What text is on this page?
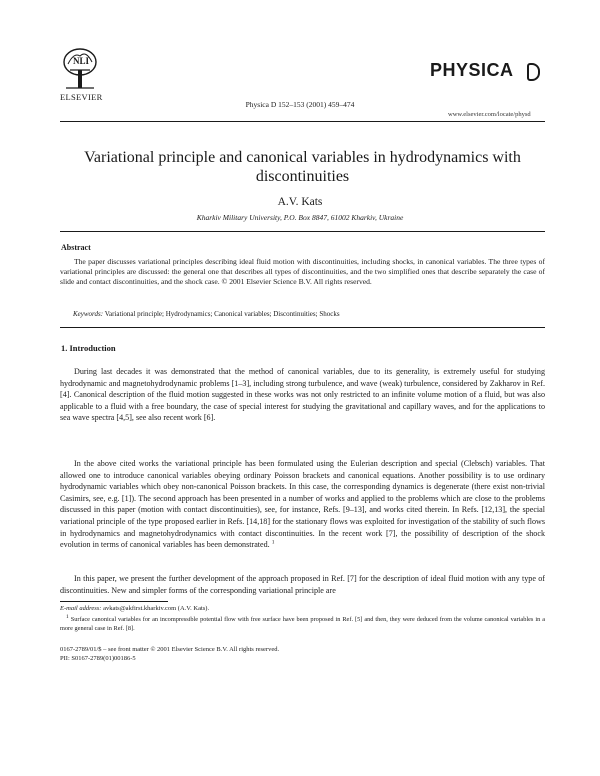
NLI
ELSEVIER
Physica D 152–153 (2001) 459–474
PHYSICA
www.elsevier.com/locate/physd
Variational principle and canonical variables in hydrodynamics with discontinuities
A.V. Kats
Kharkiv Military University, P.O. Box 8847, 61002 Kharkiv, Ukraine
Abstract
The paper discusses variational principles describing ideal fluid motion with discontinuities, including shocks, in canonical variables. The three types of variational principles are discussed: the general one that describes all types of discontinuities, and the two simplified ones that describe separately the case of slide and contact discontinuities, and the shock case. © 2001 Elsevier Science B.V. All rights reserved.
Keywords: Variational principle; Hydrodynamics; Canonical variables; Discontinuities; Shocks
1. Introduction

During last decades it was demonstrated that the method of canonical variables, due to its generality, is extremely useful for studying hydrodynamic and magnetohydrodynamic problems [1–3], including strong turbulence, and wave (weak) turbulence, considered by Zakharov in Ref. [4]. Canonical description of the fluid motion suggested in these works was not only restricted to an infinite volume motion of a fluid, but was also applicable to a fluid with a free boundary, the case of special interest for studying the gravitational and capillary waves, and for the applications to sea wave spectra [4,5], see also recent work [6].

In the above cited works the variational principle has been formulated using the Eulerian description and special (Clebsch) variables. That allowed one to introduce canonical variables obeying ordinary Poisson brackets and canonical equations. Another possibility is to use ordinary hydrodynamic variables which obey non-canonical Poisson brackets. In this case, the corresponding dynamics is degenerate (there exist non-trivial Casimirs, see, e.g. [1]). The second approach has been presented in a number of works and applied to the problems which are close to the problems discussed in this paper (motion with contact discontinuities), see, for instance, Refs. [9–13], and works cited therein. In Refs. [12,13], the special variational principle of the type proposed earlier in Refs. [14,18] for the stationary flows was exploited for investigation of the stability of such flows in hydrodynamics and magnetohydrodynamics with contact discontinuities. In the recent work [7], the possibility of description of the shock evolution in terms of canonical variables has been demonstrated. $^1$

In this paper, we present the further development of the approach proposed in Ref. [7] for the description of ideal fluid motion with any type of discontinuities. New and simpler forms of the corresponding variational principle are

E-mail address: avkats@akfirst.kharkiv.com (A.V. Kats).
$^1$ Surface canonical variables for an incompressible potential flow with free surface have been proposed in Ref. [5] and then, they were deduced from the volume canonical variables in a more general case in Ref. [8].
0167-2789/01/$ – see front matter © 2001 Elsevier Science B.V. All rights reserved.
PII: S0167-2789(01)00186-5
